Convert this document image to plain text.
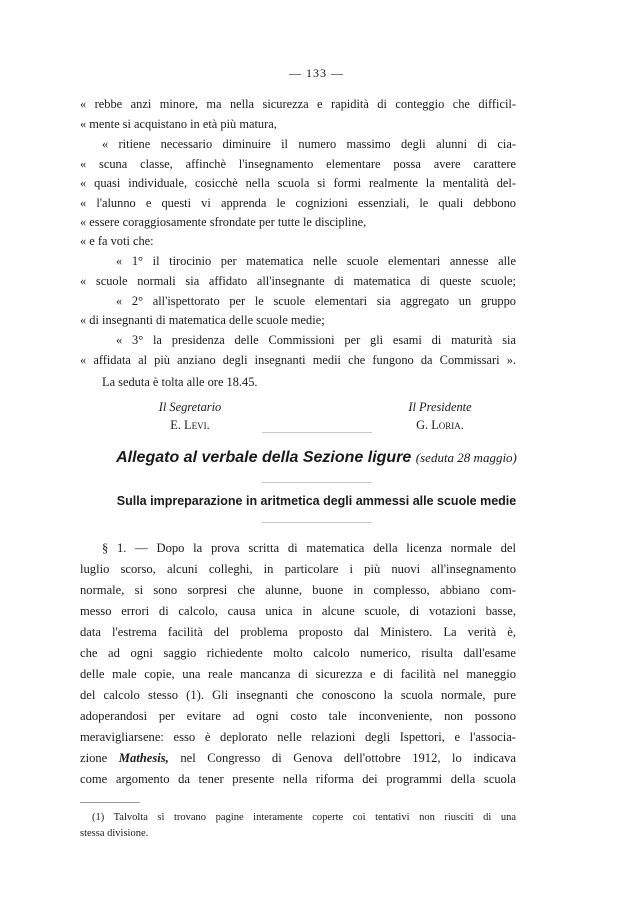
— 133 —
« rebbe anzi minore, ma nella sicurezza e rapidità di conteggio che difficil-
« mente si acquistano in età più matura,
« ritiene necessario diminuire il numero massimo degli alunni di cia-
« scuna classe, affinchè l'insegnamento elementare possa avere carattere
« quasi individuale, cosicchè nella scuola si formi realmente la mentalità del-
« l'alunno e questi vi apprenda le cognizioni essenziali, le quali debbono
« essere coraggiosamente sfrondate per tutte le discipline,
« e fa voti che:
« 1° il tirocinio per matematica nelle scuole elementari annesse alle
« scuole normali sia affidato all'insegnante di matematica di queste scuole;
« 2° all'ispettorato per le scuole elementari sia aggregato un gruppo
« di insegnanti di matematica delle scuole medie;
« 3° la presidenza delle Commissioni per gli esami di maturità sia
« affidata al più anziano degli insegnanti medii che fungono da Commissari ».
La seduta è tolta alle ore 18.45.
Il Segretario
E. Levi.
Il Presidente
G. Loria.
Allegato al verbale della Sezione ligure (seduta 28 maggio)
Sulla impreparazione in aritmetica degli ammessi alle scuole medie
§ 1. — Dopo la prova scritta di matematica della licenza normale del
luglio scorso, alcuni colleghi, in particolare i più nuovi all'insegnamento
normale, si sono sorpresi che alunne, buone in complesso, abbiano com-
messo errori di calcolo, causa unica in alcune scuole, di votazioni basse,
data l'estrema facilità del problema proposto dal Ministero. La verità è,
che ad ogni saggio richiedente molto calcolo numerico, risulta dall'esame
delle male copie, una reale mancanza di sicurezza e di facilità nel maneggio
del calcolo stesso (1). Gli insegnanti che conoscono la scuola normale, pure
adoperandosi per evitare ad ogni costo tale inconveniente, non possono
meravigliarsene: esso è deplorato nelle relazioni degli Ispettori, e l'associa-
zione Mathesis, nel Congresso di Genova dell'ottobre 1912, lo indicava
come argomento da tener presente nella riforma dei programmi della scuola
(1) Talvolta si trovano pagine interamente coperte coi tentativi non riusciti di una
stessa divisione.
